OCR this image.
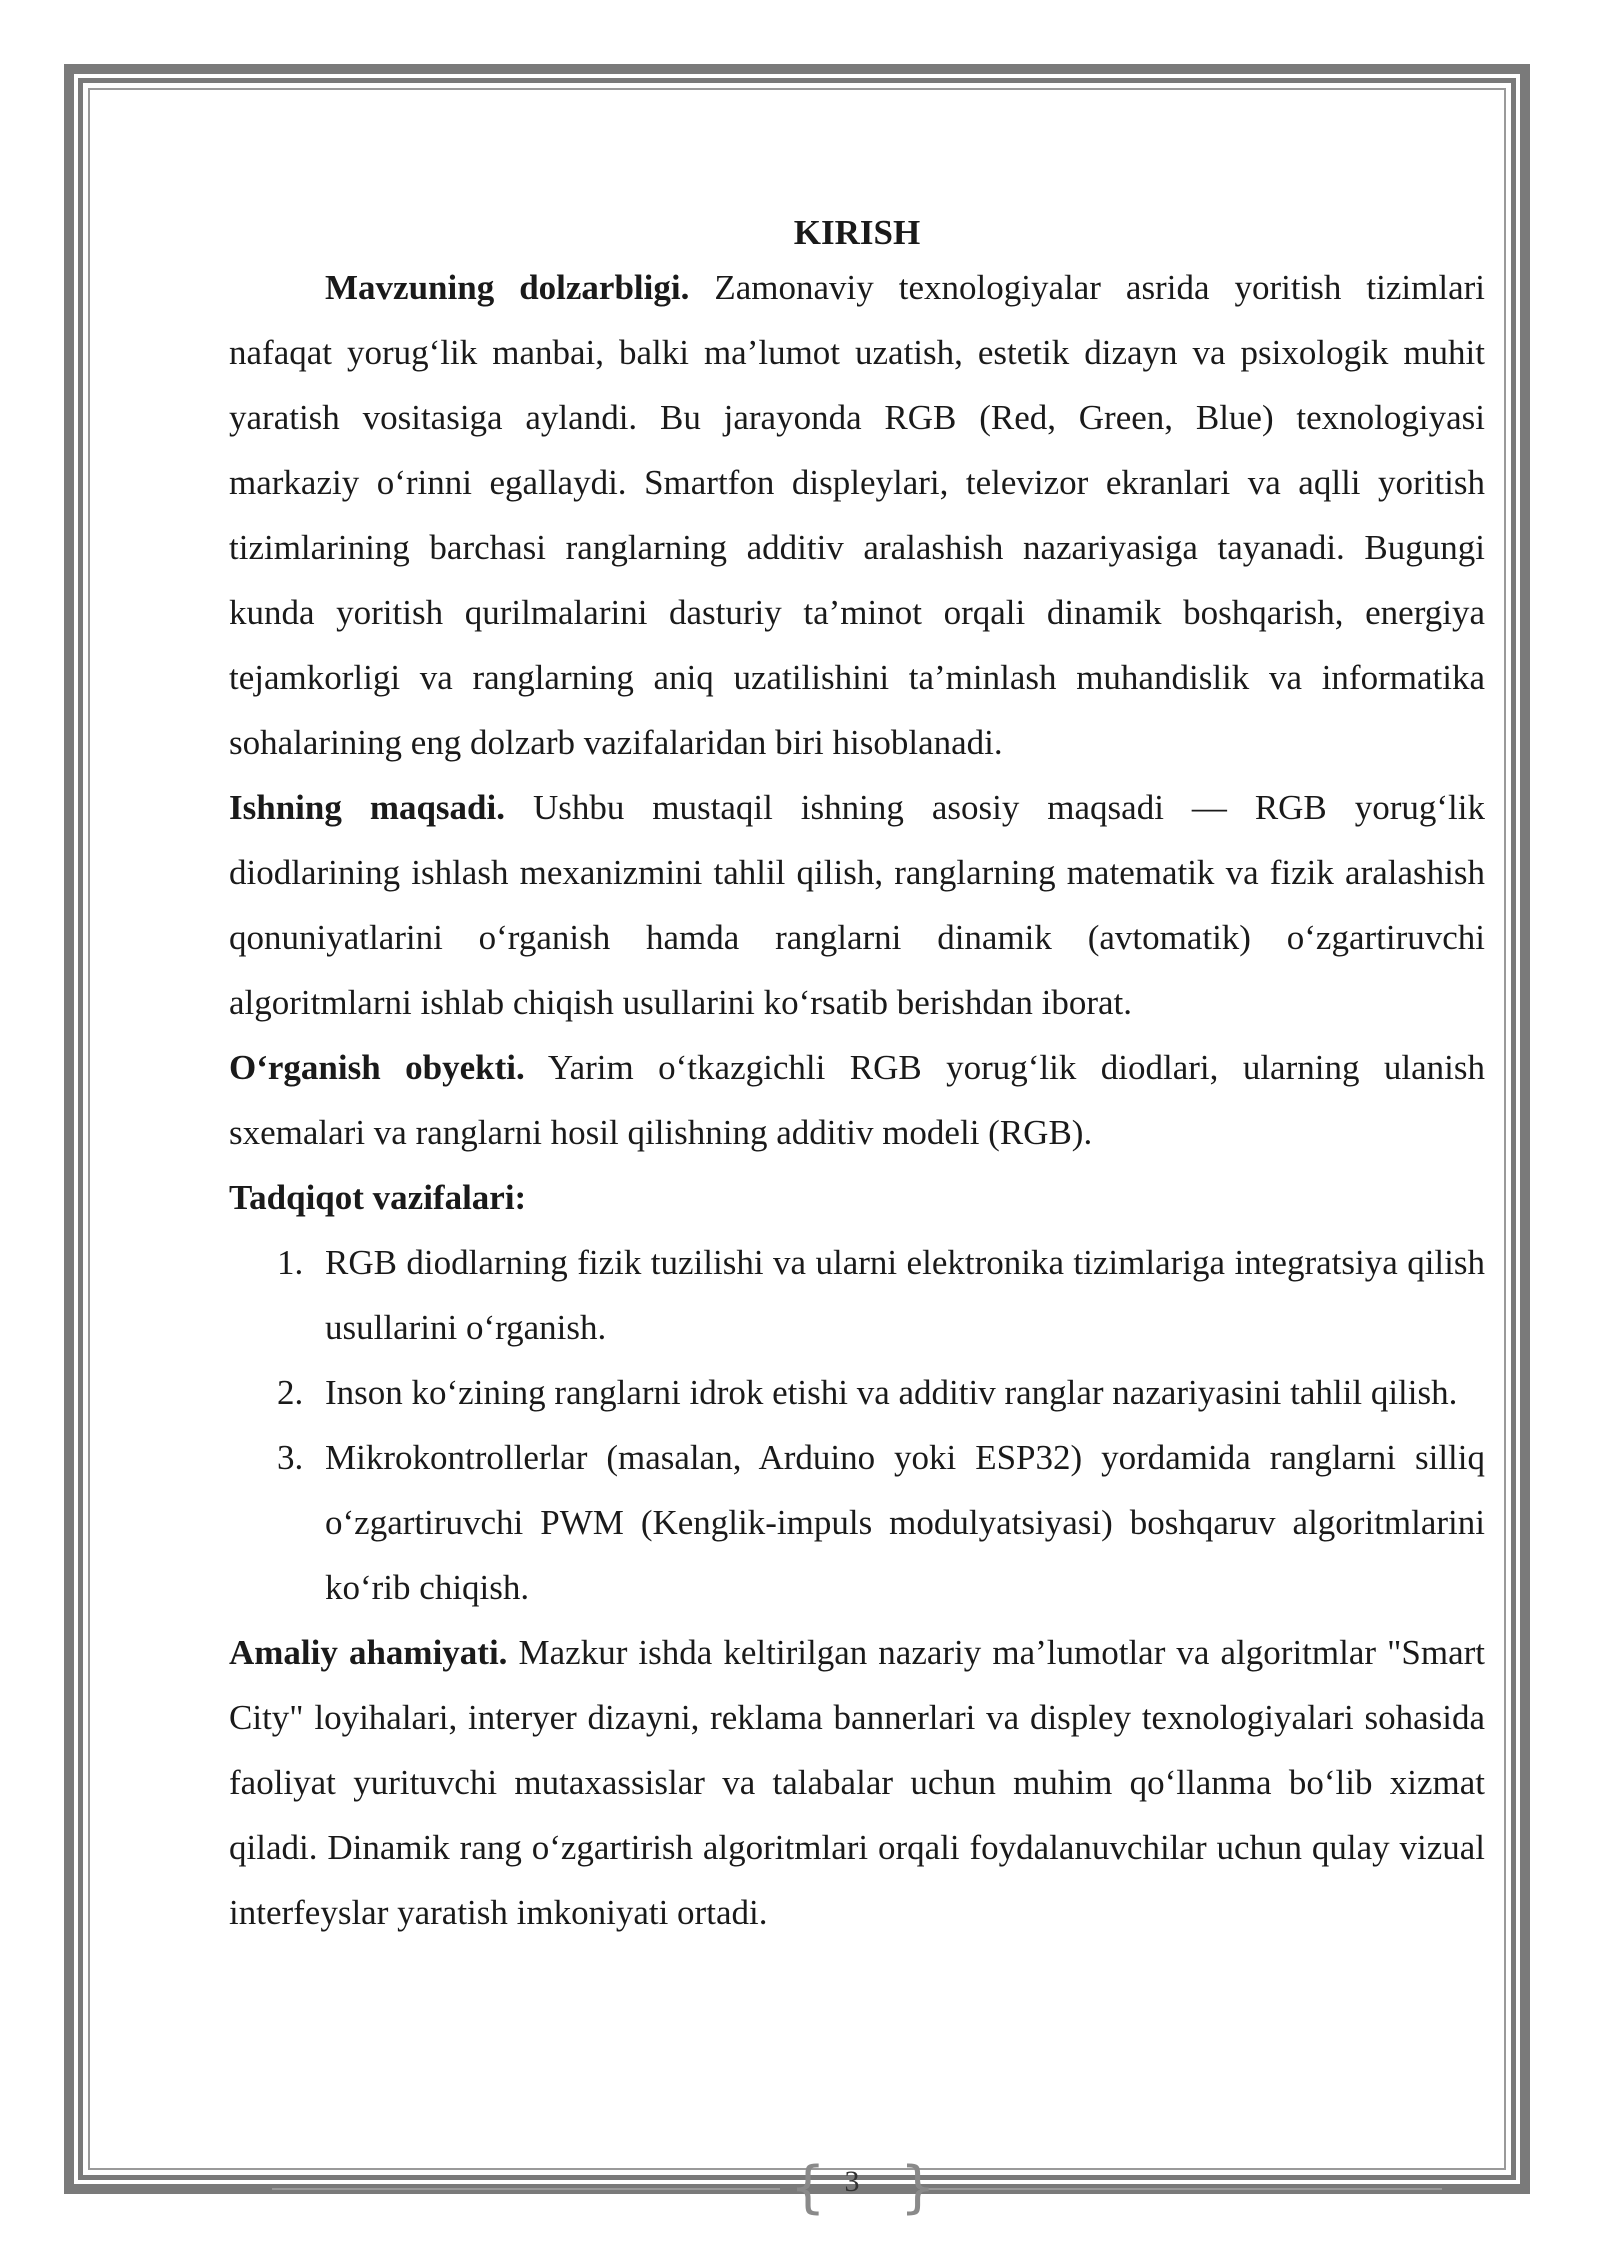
KIRISH

Mavzuning dolzarbligi. Zamonaviy texnologiyalar asrida yoritish tizimlari nafaqat yorug‘lik manbai, balki ma’lumot uzatish, estetik dizayn va psixologik muhit yaratish vositasiga aylandi. Bu jarayonda RGB (Red, Green, Blue) texnologiyasi markaziy o‘rinni egallaydi. Smartfon displeylari, televizor ekranlari va aqlli yoritish tizimlarining barchasi ranglarning additiv aralashish nazariyasiga tayanadi. Bugungi kunda yoritish qurilmalarini dasturiy ta’minot orqali dinamik boshqarish, energiya tejamkorligi va ranglarning aniq uzatilishini ta’minlash muhandislik va informatika sohalarining eng dolzarb vazifalaridan biri hisoblanadi.

Ishning maqsadi. Ushbu mustaqil ishning asosiy maqsadi — RGB yorug‘lik diodlarining ishlash mexanizmini tahlil qilish, ranglarning matematik va fizik aralashish qonuniyatlarini o‘rganish hamda ranglarni dinamik (avtomatik) o‘zgartiruvchi algoritmlarni ishlab chiqish usullarini ko‘rsatib berishdan iborat.

O‘rganish obyekti. Yarim o‘tkazgichli RGB yorug‘lik diodlari, ularning ulanish sxemalari va ranglarni hosil qilishning additiv modeli (RGB).

Tadqiqot vazifalari:

1. RGB diodlarning fizik tuzilishi va ularni elektronika tizimlariga integratsiya qilish usullarini o‘rganish.
2. Inson ko‘zining ranglarni idrok etishi va additiv ranglar nazariyasini tahlil qilish.
3. Mikrokontrollerlar (masalan, Arduino yoki ESP32) yordamida ranglarni silliq o‘zgartiruvchi PWM (Kenglik-impuls modulyatsiyasi) boshqaruv algoritmlarini ko‘rib chiqish.

Amaliy ahamiyati. Mazkur ishda keltirilgan nazariy ma’lumotlar va algoritmlar "Smart City" loyihalari, interyer dizayni, reklama bannerlari va displey texnologiyalari sohasida faoliyat yurituvchi mutaxassislar va talabalar uchun muhim qo‘llanma bo‘lib xizmat qiladi. Dinamik rang o‘zgartirish algoritmlari orqali foydalanuvchilar uchun qulay vizual interfeyslar yaratish imkoniyati ortadi.

{ }
3
